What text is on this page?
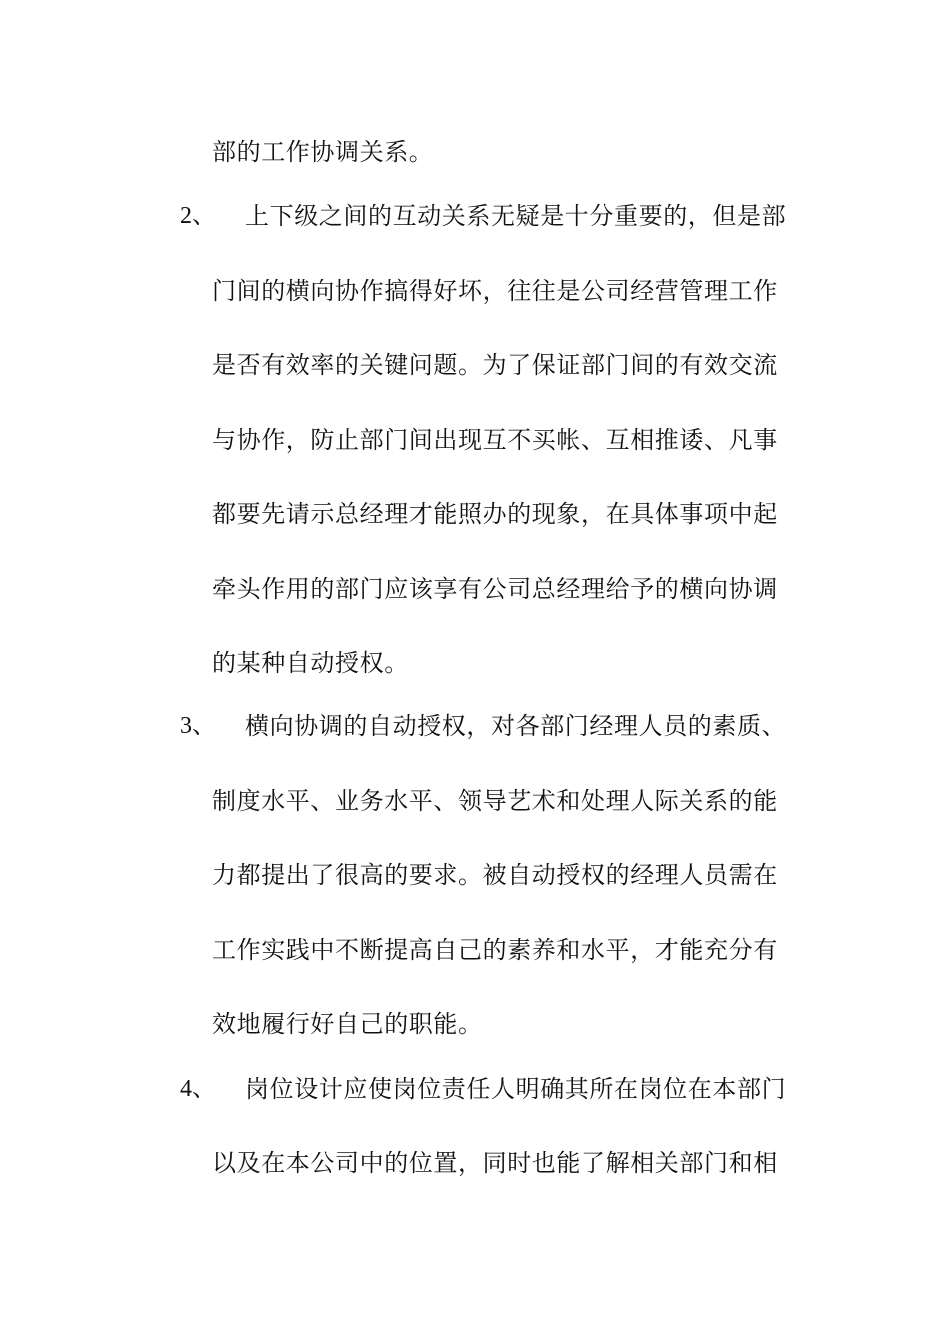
部的工作协调关系。
2、 上下级之间的互动关系无疑是十分重要的，但是部
门间的横向协作搞得好坏，往往是公司经营管理工作
是否有效率的关键问题。为了保证部门间的有效交流
与协作，防止部门间出现互不买帐、互相推诿、凡事
都要先请示总经理才能照办的现象，在具体事项中起
牵头作用的部门应该享有公司总经理给予的横向协调
的某种自动授权。
3、 横向协调的自动授权，对各部门经理人员的素质、
制度水平、业务水平、领导艺术和处理人际关系的能
力都提出了很高的要求。被自动授权的经理人员需在
工作实践中不断提高自己的素养和水平，才能充分有
效地履行好自己的职能。
4、 岗位设计应使岗位责任人明确其所在岗位在本部门
以及在本公司中的位置，同时也能了解相关部门和相
